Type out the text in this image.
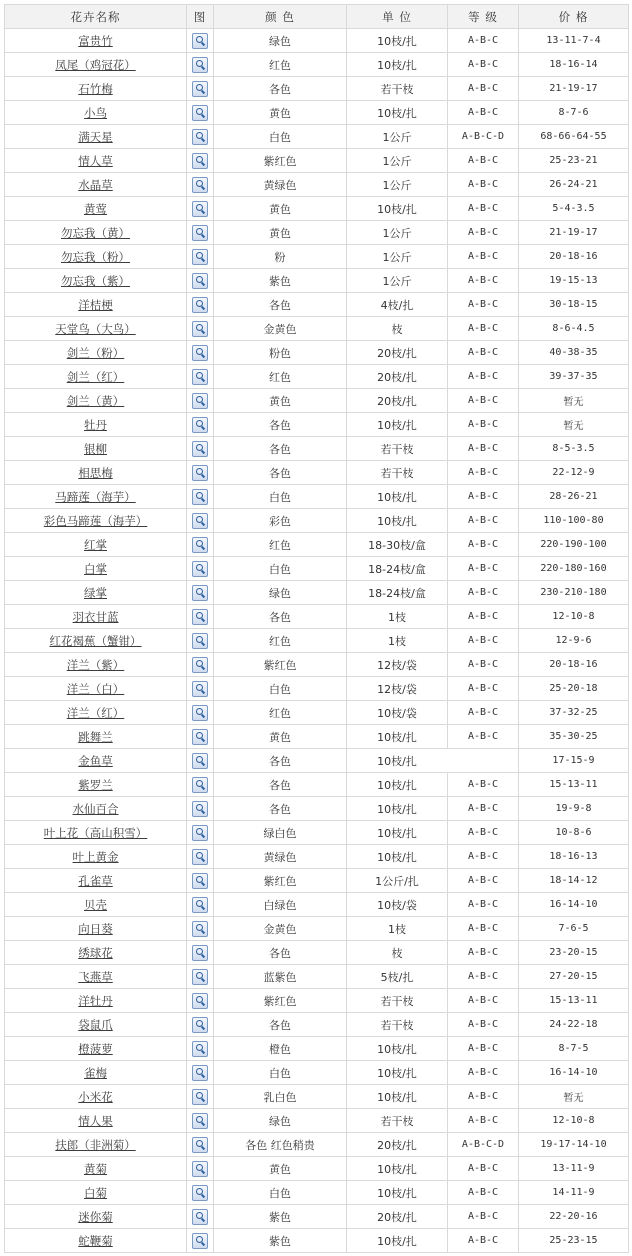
花卉名称	图	颜 色	单 位	等 级	价 格
富贵竹		绿色	10枝/扎	A-B-C	13-11-7-4
凤尾（鸡冠花）		红色	10枝/扎	A-B-C	18-16-14
石竹梅		各色	若干枝	A-B-C	21-19-17
小鸟		黄色	10枝/扎	A-B-C	8-7-6
满天星		白色	1公斤	A-B-C-D	68-66-64-55
情人草		紫红色	1公斤	A-B-C	25-23-21
水晶草		黄绿色	1公斤	A-B-C	26-24-21
黄莺		黄色	10枝/扎	A-B-C	5-4-3.5
勿忘我（黄）		黄色	1公斤	A-B-C	21-19-17
勿忘我（粉）		粉	1公斤	A-B-C	20-18-16
勿忘我（紫）		紫色	1公斤	A-B-C	19-15-13
洋桔梗		各色	4枝/扎	A-B-C	30-18-15
天堂鸟（大鸟）		金黄色	枝	A-B-C	8-6-4.5
剑兰（粉）		粉色	20枝/扎	A-B-C	40-38-35
剑兰（红）		红色	20枝/扎	A-B-C	39-37-35
剑兰（黄）		黄色	20枝/扎	A-B-C	暂无
牡丹		各色	10枝/扎	A-B-C	暂无
银柳		各色	若干枝	A-B-C	8-5-3.5
相思梅		各色	若干枝	A-B-C	22-12-9
马蹄莲（海芋）		白色	10枝/扎	A-B-C	28-26-21
彩色马蹄莲（海芋）		彩色	10枝/扎	A-B-C	110-100-80
红掌		红色	18-30枝/盒	A-B-C	220-190-100
白掌		白色	18-24枝/盒	A-B-C	220-180-160
绿掌		绿色	18-24枝/盒	A-B-C	230-210-180
羽衣甘蓝		各色	1枝	A-B-C	12-10-8
红花褐蕉（蟹钳）		红色	1枝	A-B-C	12-9-6
洋兰（紫）		紫红色	12枝/袋	A-B-C	20-18-16
洋兰（白）		白色	12枝/袋	A-B-C	25-20-18
洋兰（红）		红色	10枝/袋	A-B-C	37-32-25
跳舞兰		黄色	10枝/扎	A-B-C	35-30-25
金鱼草		各色	10枝/扎		17-15-9
紫罗兰		各色	10枝/扎	A-B-C	15-13-11
水仙百合		各色	10枝/扎	A-B-C	19-9-8
叶上花（高山积雪）		绿白色	10枝/扎	A-B-C	10-8-6
叶上黄金		黄绿色	10枝/扎	A-B-C	18-16-13
孔雀草		紫红色	1公斤/扎	A-B-C	18-14-12
贝壳		白绿色	10枝/袋	A-B-C	16-14-10
向日葵		金黄色	1枝	A-B-C	7-6-5
绣球花		各色	枝	A-B-C	23-20-15
飞燕草		蓝紫色	5枝/扎	A-B-C	27-20-15
洋牡丹		紫红色	若干枝	A-B-C	15-13-11
袋鼠爪		各色	若干枝	A-B-C	24-22-18
橙菠萝		橙色	10枝/扎	A-B-C	8-7-5
雀梅		白色	10枝/扎	A-B-C	16-14-10
小米花		乳白色	10枝/扎	A-B-C	暂无
情人果		绿色	若干枝	A-B-C	12-10-8
扶郎（非洲菊）		各色 红色稍贵	20枝/扎	A-B-C-D	19-17-14-10
黄菊		黄色	10枝/扎	A-B-C	13-11-9
白菊		白色	10枝/扎	A-B-C	14-11-9
迷你菊		紫色	20枝/扎	A-B-C	22-20-16
蛇鞭菊		紫色	10枝/扎	A-B-C	25-23-15
